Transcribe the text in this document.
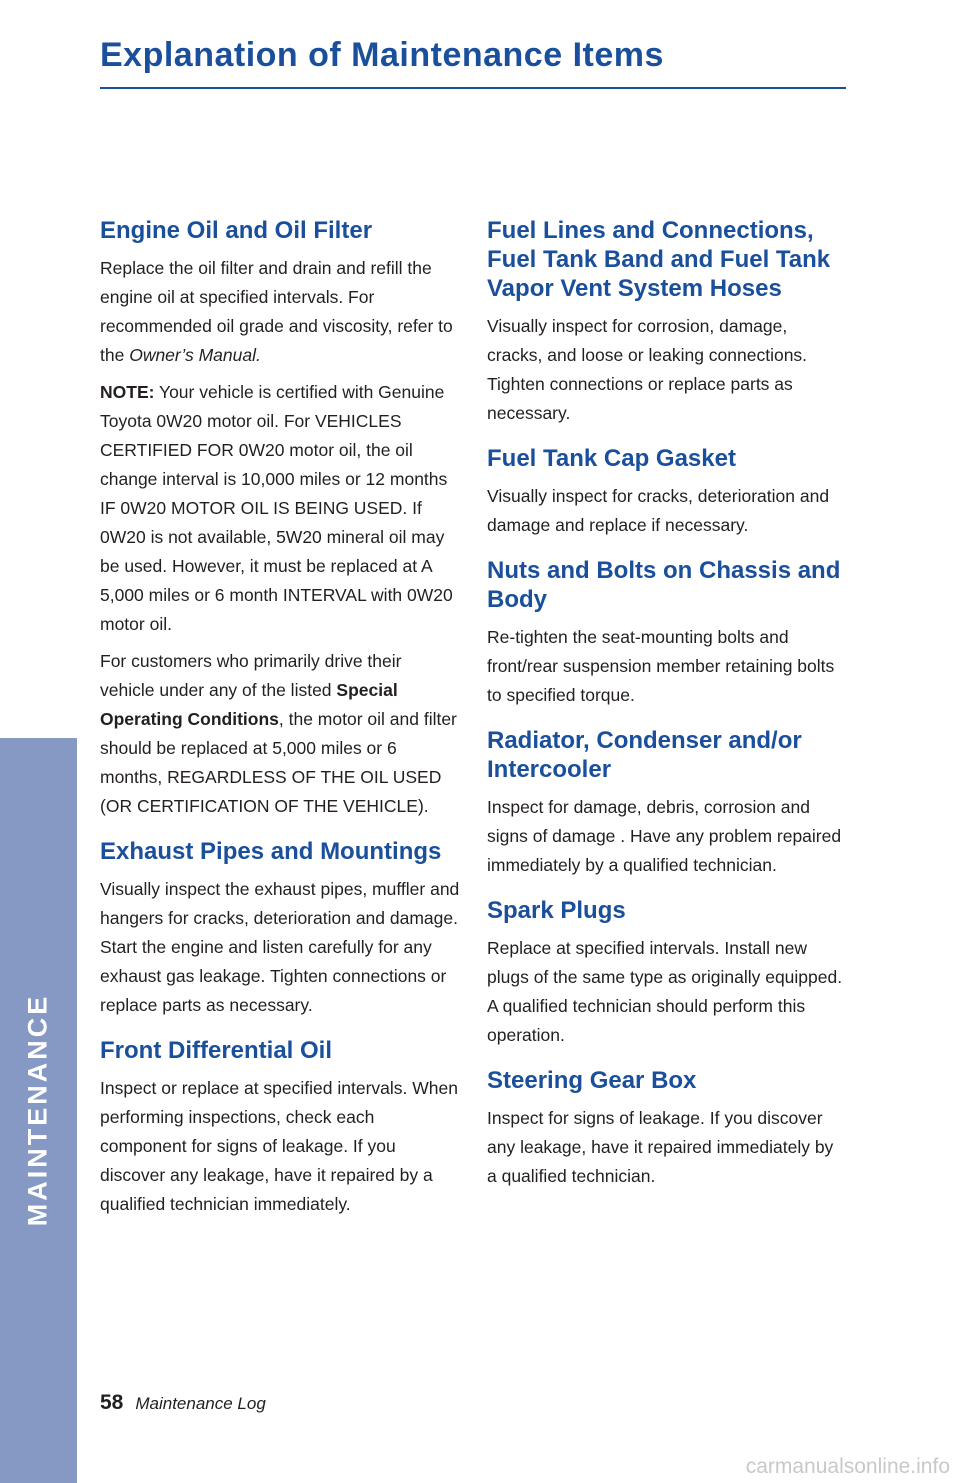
Explanation of Maintenance Items
Engine Oil and Oil Filter

Replace the oil filter and drain and refill the engine oil at specified intervals. For recommended oil grade and viscosity, refer to the Owner’s Manual.

NOTE: Your vehicle is certified with Genuine Toyota 0W20 motor oil. For VEHICLES CERTIFIED FOR 0W20 motor oil, the oil change interval is 10,000 miles or 12 months IF 0W20 MOTOR OIL IS BEING USED. If 0W20 is not available, 5W20 mineral oil may be used. However, it must be replaced at A 5,000 miles or 6 month INTERVAL with 0W20 motor oil.

For customers who primarily drive their vehicle under any of the listed Special Operating Conditions, the motor oil and filter should be replaced at 5,000 miles or 6 months, REGARDLESS OF THE OIL USED (OR CERTIFICATION OF THE VEHICLE).

Exhaust Pipes and Mountings

Visually inspect the exhaust pipes, muffler and hangers for cracks, deterioration and damage. Start the engine and listen carefully for any exhaust gas leakage. Tighten connections or replace parts as necessary.

Front Differential Oil

Inspect or replace at specified intervals. When performing inspections, check each component for signs of leakage. If you discover any leakage, have it repaired by a qualified technician immediately.

Fuel Lines and Connections, Fuel Tank Band and Fuel Tank Vapor Vent System Hoses

Visually inspect for corrosion, damage, cracks, and loose or leaking connections. Tighten connections or replace parts as necessary.

Fuel Tank Cap Gasket

Visually inspect for cracks, deterioration and damage and replace if necessary.

Nuts and Bolts on Chassis and Body

Re-tighten the seat-mounting bolts and front/rear suspension member retaining bolts to specified torque.

Radiator, Condenser and/or Intercooler

Inspect for damage, debris, corrosion and signs of damage . Have any problem repaired immediately by a qualified technician.

Spark Plugs

Replace at specified intervals. Install new plugs of the same type as originally equipped. A qualified technician should perform this operation.

Steering Gear Box

Inspect for signs of leakage. If you discover any leakage, have it repaired immediately by a qualified technician.

MAINTENANCE
58 Maintenance Log
carmanualsonline.info
